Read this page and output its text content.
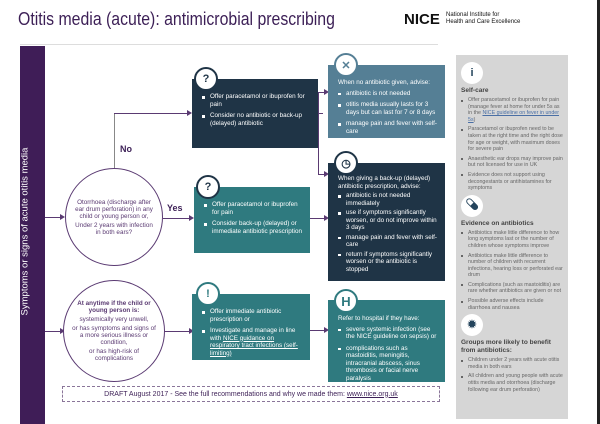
Otitis media (acute): antimicrobial prescribing	NICE National Institute for
Health and Care Excellence
Symptoms or signs of acute otitis media	No
Yes

Otorrhoea (discharge after ear drum perforation) in any child or young person or,

Under 2 years with infection in both ears?

At anytime if the child or young person is:

systemically very unwell,

or has symptoms and signs of a more serious illness or condition,

or has high-risk of complications

Offer paracetamol or ibuprofen for pain
Consider no antibiotic or back-up (delayed) antibiotic
?
Offer paracetamol or ibuprofen for pain
Consider back-up (delayed) or immediate antibiotic prescription
?
Offer immediate antibiotic prescription or
Investigate and manage in line with NICE guidance on respiratory tract infections (self-limiting)
!
When no antibiotic given, advise:
antibiotic is not needed
otitis media usually lasts for 3 days but can last for 7 or 8 days
manage pain and fever with self-care
✕
When giving a back-up (delayed) antibiotic prescription, advise:
antibiotic is not needed immediately
use if symptoms significantly worsen, or do not improve within 3 days
manage pain and fever with self-care
return if symptoms significantly worsen or the antibiotic is stopped
◷
Refer to hospital if they have:
severe systemic infection (see the NICE guideline on sepsis) or
complications such as mastoiditis, meningitis, intracranial abscess, sinus thrombosis or facial nerve paralysis
H
i
Self-care
Offer paracetamol or ibuprofen for pain (manage fever at home for under 5s as in the NICE guideline on fever in under 5s)
Paracetamol or ibuprofen need to be taken at the right time and the right dose for age or weight, with maximum doses for severe pain
Anaesthetic ear drops may improve pain but not licensed for use in UK
Evidence does not support using decongestants or antihistamines for symptoms
💊︎
Evidence on antibiotics
Antibiotics make little difference to how long symptoms last or the number of children whose symptoms improve
Antibiotics make little difference to number of children with recurrent infections, hearing loss or perforated ear drum
Complications (such as mastoiditis) are rare whether antibiotics are given or not
Possible adverse effects include diarrhoea and nausea
✹
Groups more likely to benefit from antibiotics:
Children under 2 years with acute otitis media in both ears
All children and young people with acute otitis media and otorrhoea (discharge following ear drum perforation)
DRAFT August 2017 - See the full recommendations and why we made them:
www.nice.org.uk
